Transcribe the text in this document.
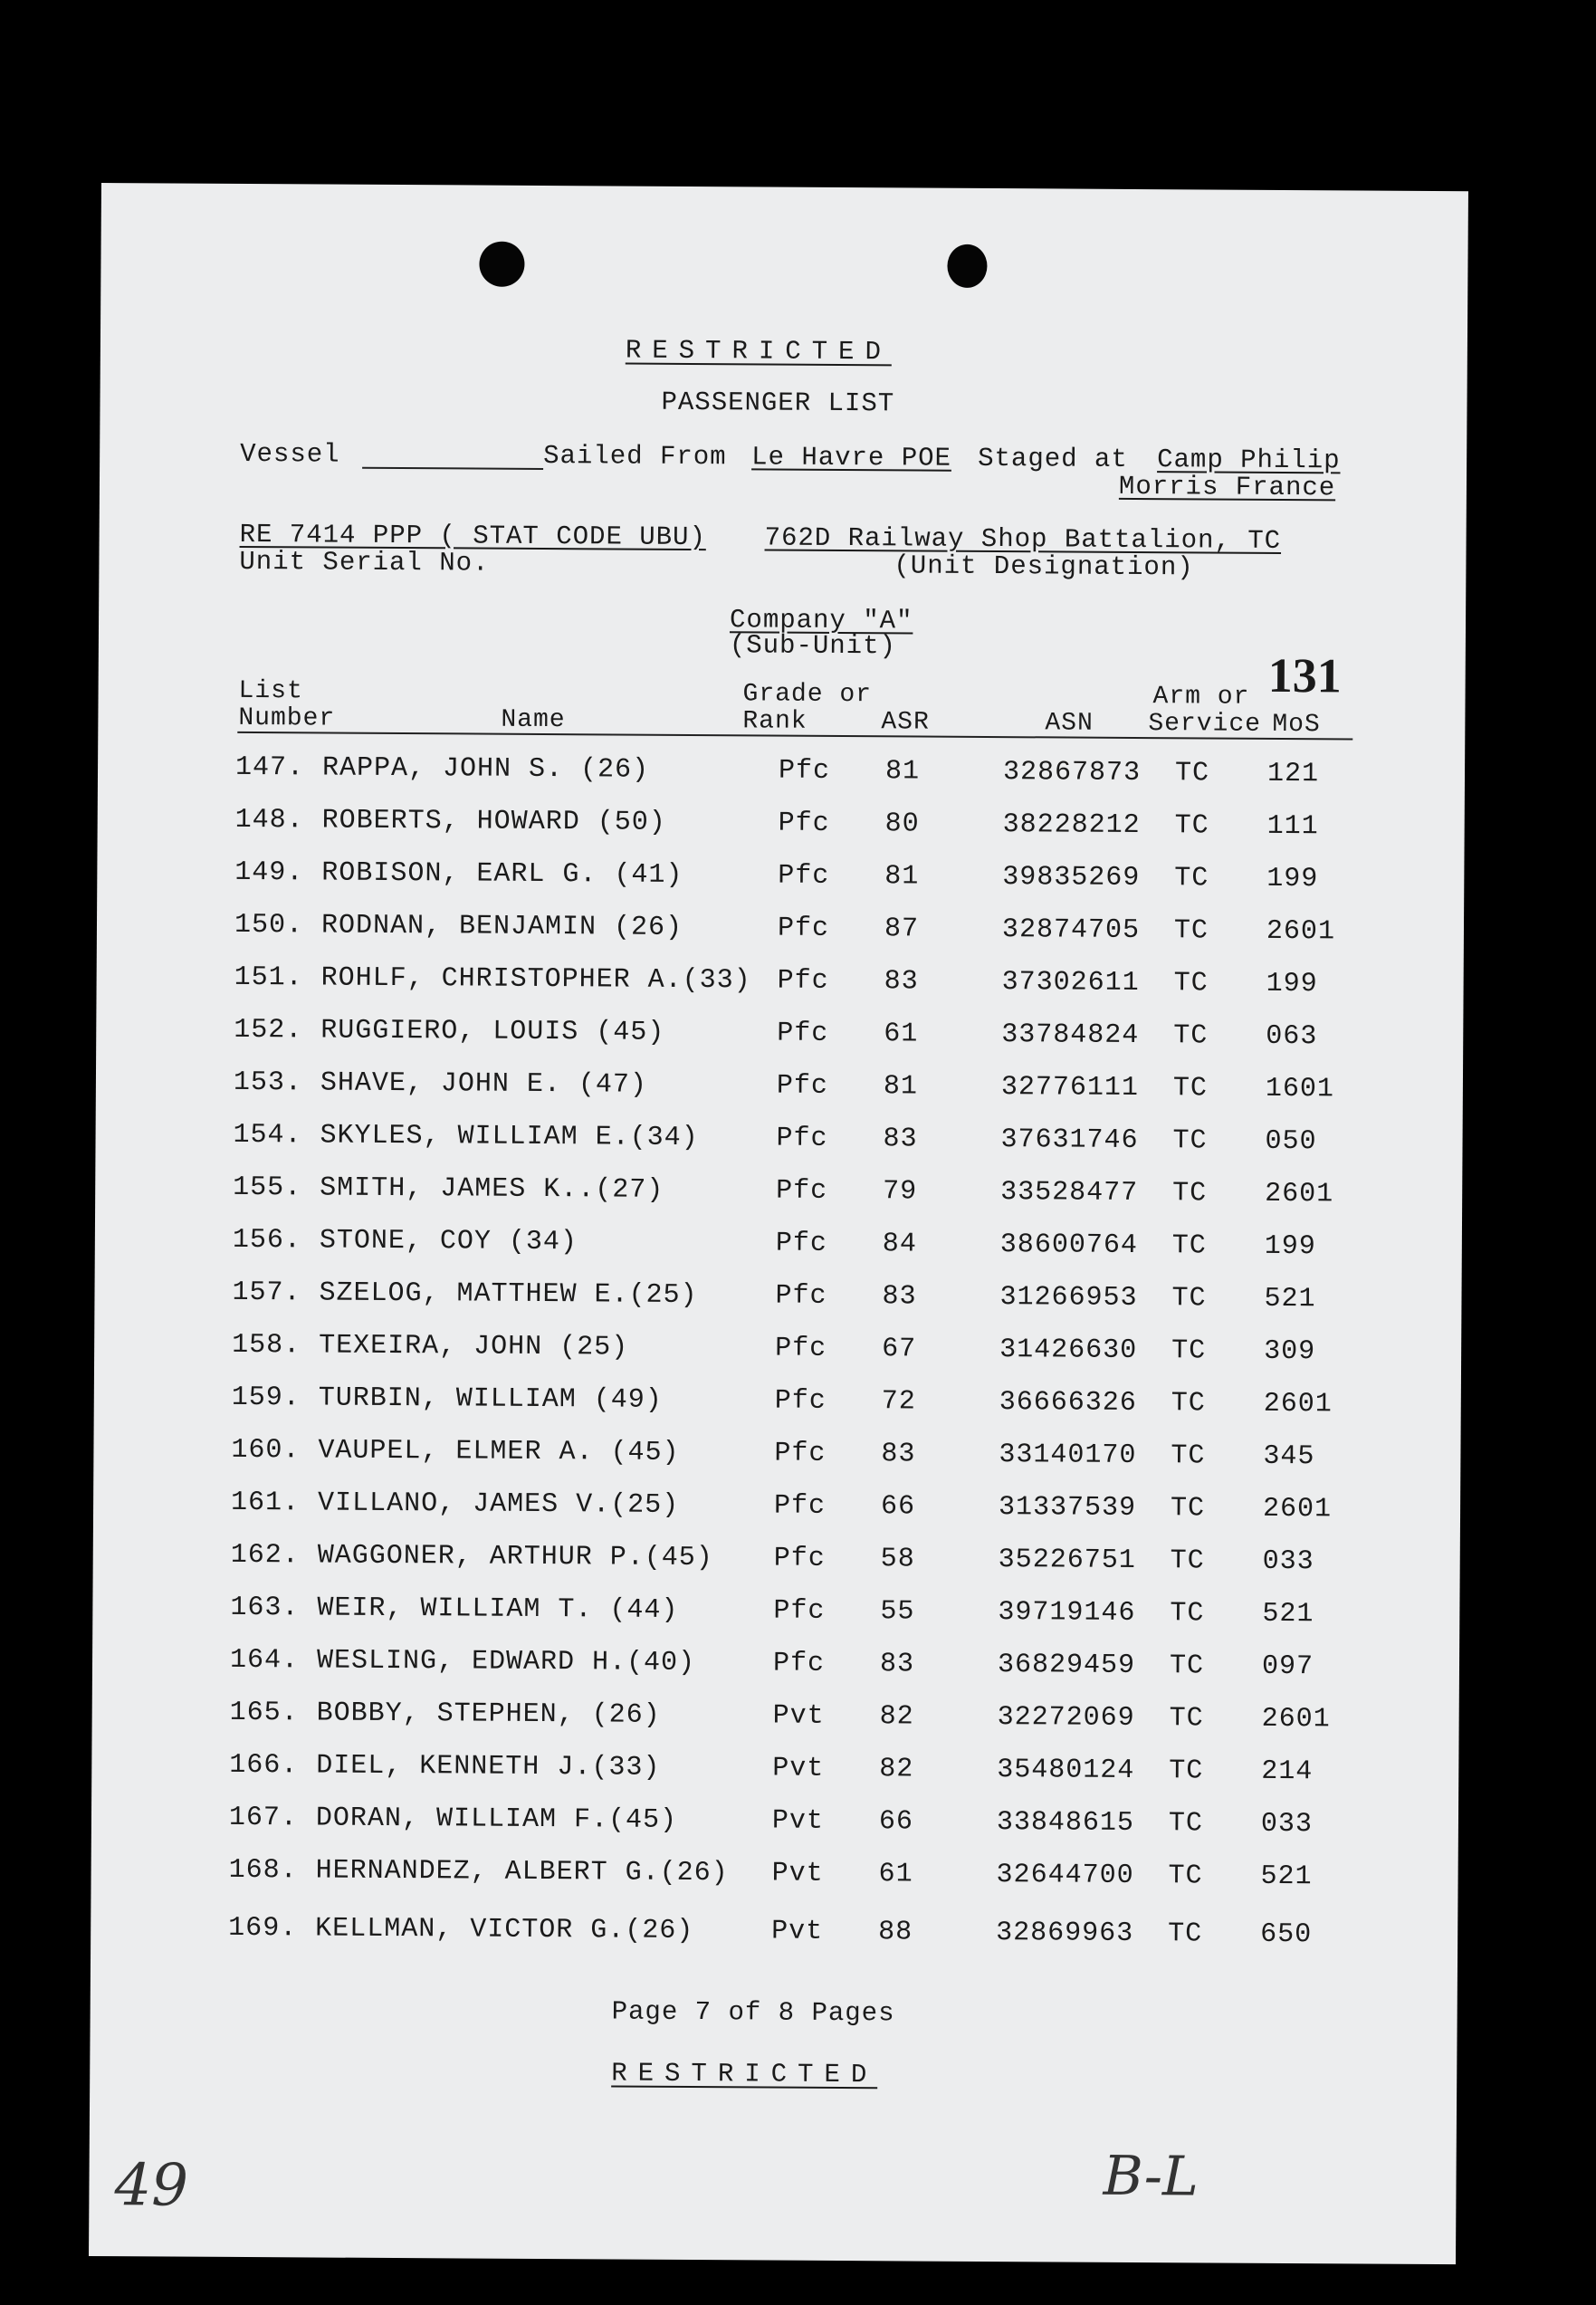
RESTRICTED
PASSENGER LIST
Vessel	Sailed From Le Havre POE Staged at Camp Philip
Morris France
RE 7414 PPP ( STAT CODE UBU)
Unit Serial No.
762D Railway Shop Battalion, TC
(Unit Designation)
Company "A"
(Sub-Unit)
131
List
Number	Name
Grade or
Rank	ASR	ASN
Arm or
Service MoS
147. RAPPA, JOHN S. (26)	Pfc 81	32867873 TC 121
148. ROBERTS, HOWARD (50)	Pfc 80	38228212 TC 111
149. ROBISON, EARL G. (41)	Pfc 81	39835269 TC 199
150. RODNAN, BENJAMIN (26)	Pfc 87	32874705 TC 2601
151. ROHLF, CHRISTOPHER A.(33) Pfc 83	37302611 TC 199
152. RUGGIERO, LOUIS (45)	Pfc 61	33784824 TC 063
153. SHAVE, JOHN E. (47)	Pfc 81	32776111 TC 1601
154. SKYLES, WILLIAM E.(34)	Pfc 83	37631746 TC 050
155. SMITH, JAMES K..(27)	Pfc 79	33528477 TC 2601
156. STONE, COY (34)	Pfc 84	38600764 TC 199
157. SZELOG, MATTHEW E.(25)	Pfc 83	31266953 TC 521
158. TEXEIRA, JOHN (25)	Pfc 67	31426630 TC 309
159. TURBIN, WILLIAM (49)	Pfc 72	36666326 TC 2601
160. VAUPEL, ELMER A. (45)	Pfc 83	33140170 TC 345
161. VILLANO, JAMES V.(25)	Pfc 66	31337539 TC 2601
162. WAGGONER, ARTHUR P.(45) Pfc 58	35226751 TC 033
163. WEIR, WILLIAM T. (44)	Pfc 55	39719146 TC 521
164. WESLING, EDWARD H.(40)	Pfc 83	36829459 TC 097
165. BOBBY, STEPHEN, (26)	Pvt 82	32272069 TC 2601
166. DIEL, KENNETH J.(33)	Pvt 82	35480124 TC 214
167. DORAN, WILLIAM F.(45)	Pvt 66	33848615 TC 033
168. HERNANDEZ, ALBERT G.(26) Pvt 61	32644700 TC 521
169. KELLMAN, VICTOR G.(26)	Pvt 88	32869963 TC 650
Page 7 of 8 Pages
RESTRICTED
49	B-L
